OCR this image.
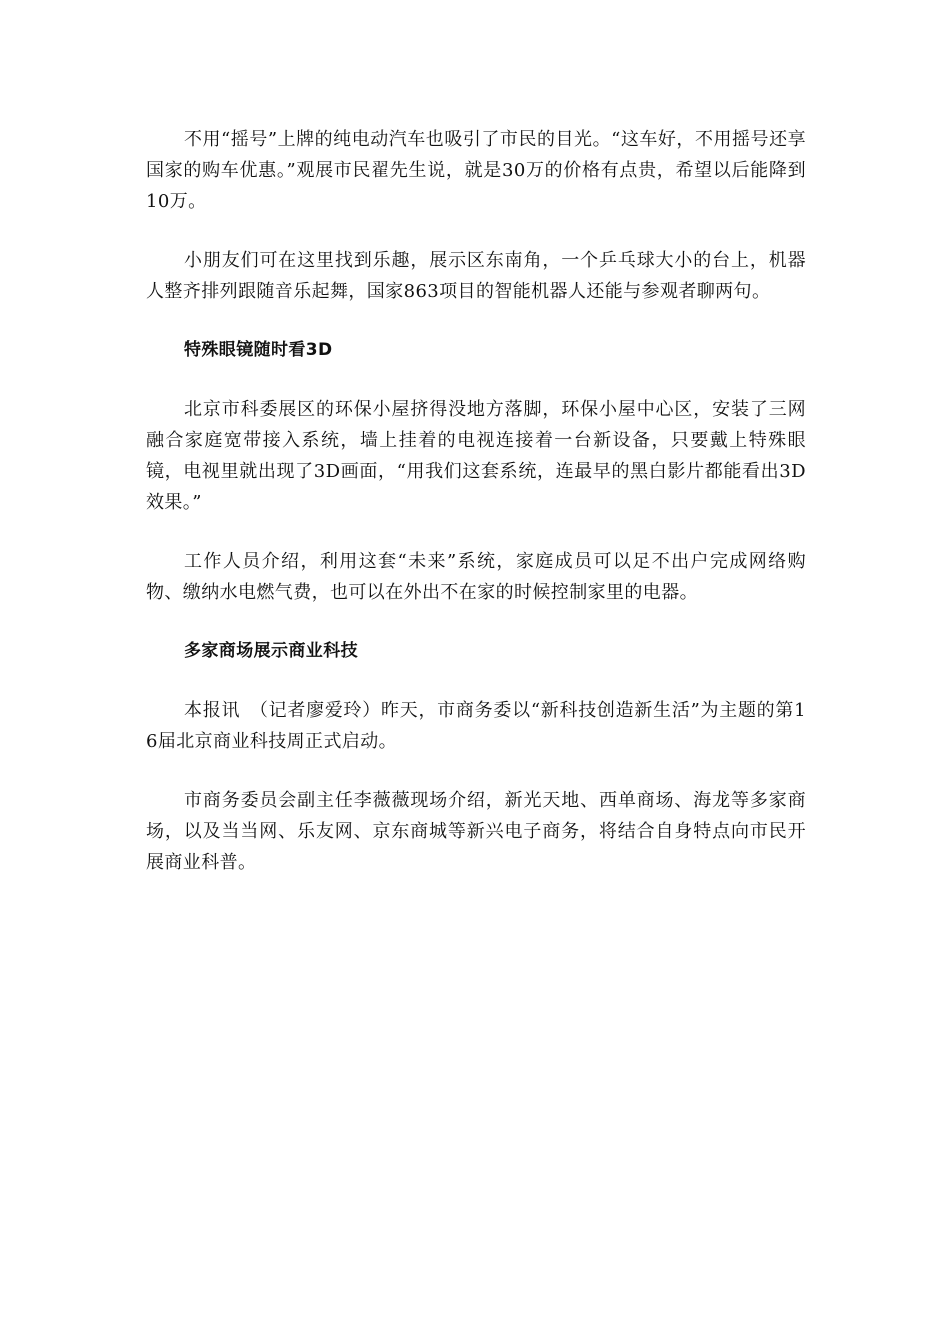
不用“摇号”上牌的纯电动汽车也吸引了市民的目光。“这车好，不用摇号还享国家的购车优惠。”观展市民翟先生说，就是30万的价格有点贵，希望以后能降到10万。

小朋友们可在这里找到乐趣，展示区东南角，一个乒乓球大小的台上，机器人整齐排列跟随音乐起舞，国家863项目的智能机器人还能与参观者聊两句。

特殊眼镜随时看3D

北京市科委展区的环保小屋挤得没地方落脚，环保小屋中心区，安装了三网融合家庭宽带接入系统，墙上挂着的电视连接着一台新设备，只要戴上特殊眼镜，电视里就出现了3D画面，“用我们这套系统，连最早的黑白影片都能看出3D效果。”

工作人员介绍，利用这套“未来”系统，家庭成员可以足不出户完成网络购物、缴纳水电燃气费，也可以在外出不在家的时候控制家里的电器。

多家商场展示商业科技

本报讯　（记者廖爱玲）昨天，市商务委以“新科技创造新生活”为主题的第16届北京商业科技周正式启动。

市商务委员会副主任李薇薇现场介绍，新光天地、西单商场、海龙等多家商场，以及当当网、乐友网、京东商城等新兴电子商务，将结合自身特点向市民开展商业科普。
